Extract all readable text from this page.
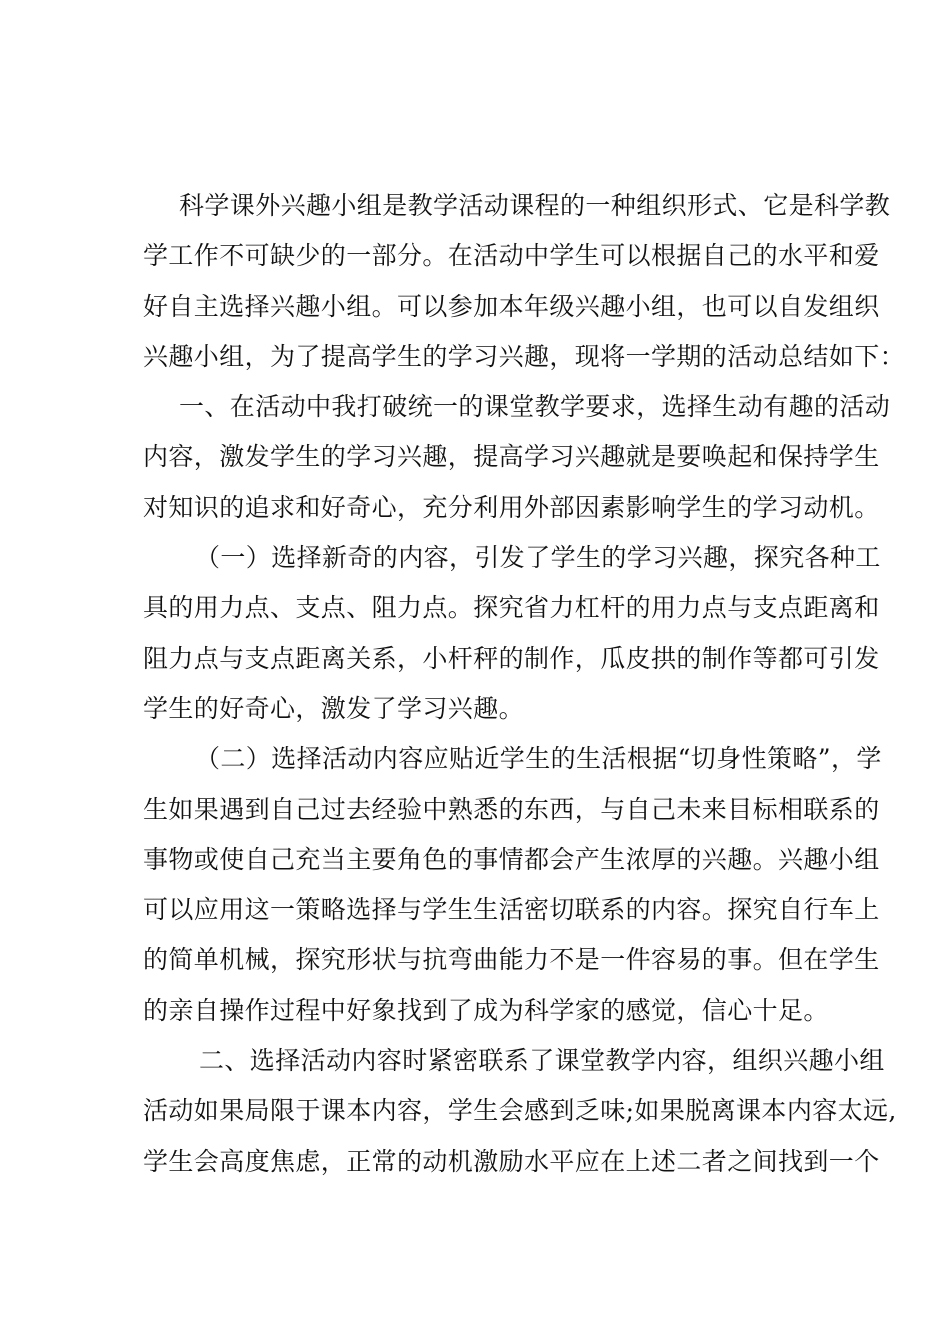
科学课外兴趣小组是教学活动课程的一种组织形式、它是科学教
学工作不可缺少的一部分。在活动中学生可以根据自己的水平和爱
好自主选择兴趣小组。可以参加本年级兴趣小组，也可以自发组织
兴趣小组，为了提高学生的学习兴趣，现将一学期的活动总结如下：
一、在活动中我打破统一的课堂教学要求，选择生动有趣的活动
内容，激发学生的学习兴趣，提高学习兴趣就是要唤起和保持学生
对知识的追求和好奇心，充分利用外部因素影响学生的学习动机。
（一）选择新奇的内容，引发了学生的学习兴趣，探究各种工
具的用力点、支点、阻力点。探究省力杠杆的用力点与支点距离和
阻力点与支点距离关系，小杆秤的制作，瓜皮拱的制作等都可引发
学生的好奇心，激发了学习兴趣。
（二）选择活动内容应贴近学生的生活根据“切身性策略”，学
生如果遇到自己过去经验中熟悉的东西，与自己未来目标相联系的
事物或使自己充当主要角色的事情都会产生浓厚的兴趣。兴趣小组
可以应用这一策略选择与学生生活密切联系的内容。探究自行车上
的简单机械，探究形状与抗弯曲能力不是一件容易的事。但在学生
的亲自操作过程中好象找到了成为科学家的感觉，信心十足。
二、选择活动内容时紧密联系了课堂教学内容，组织兴趣小组
活动如果局限于课本内容，学生会感到乏味;如果脱离课本内容太远,
学生会高度焦虑，正常的动机激励水平应在上述二者之间找到一个
